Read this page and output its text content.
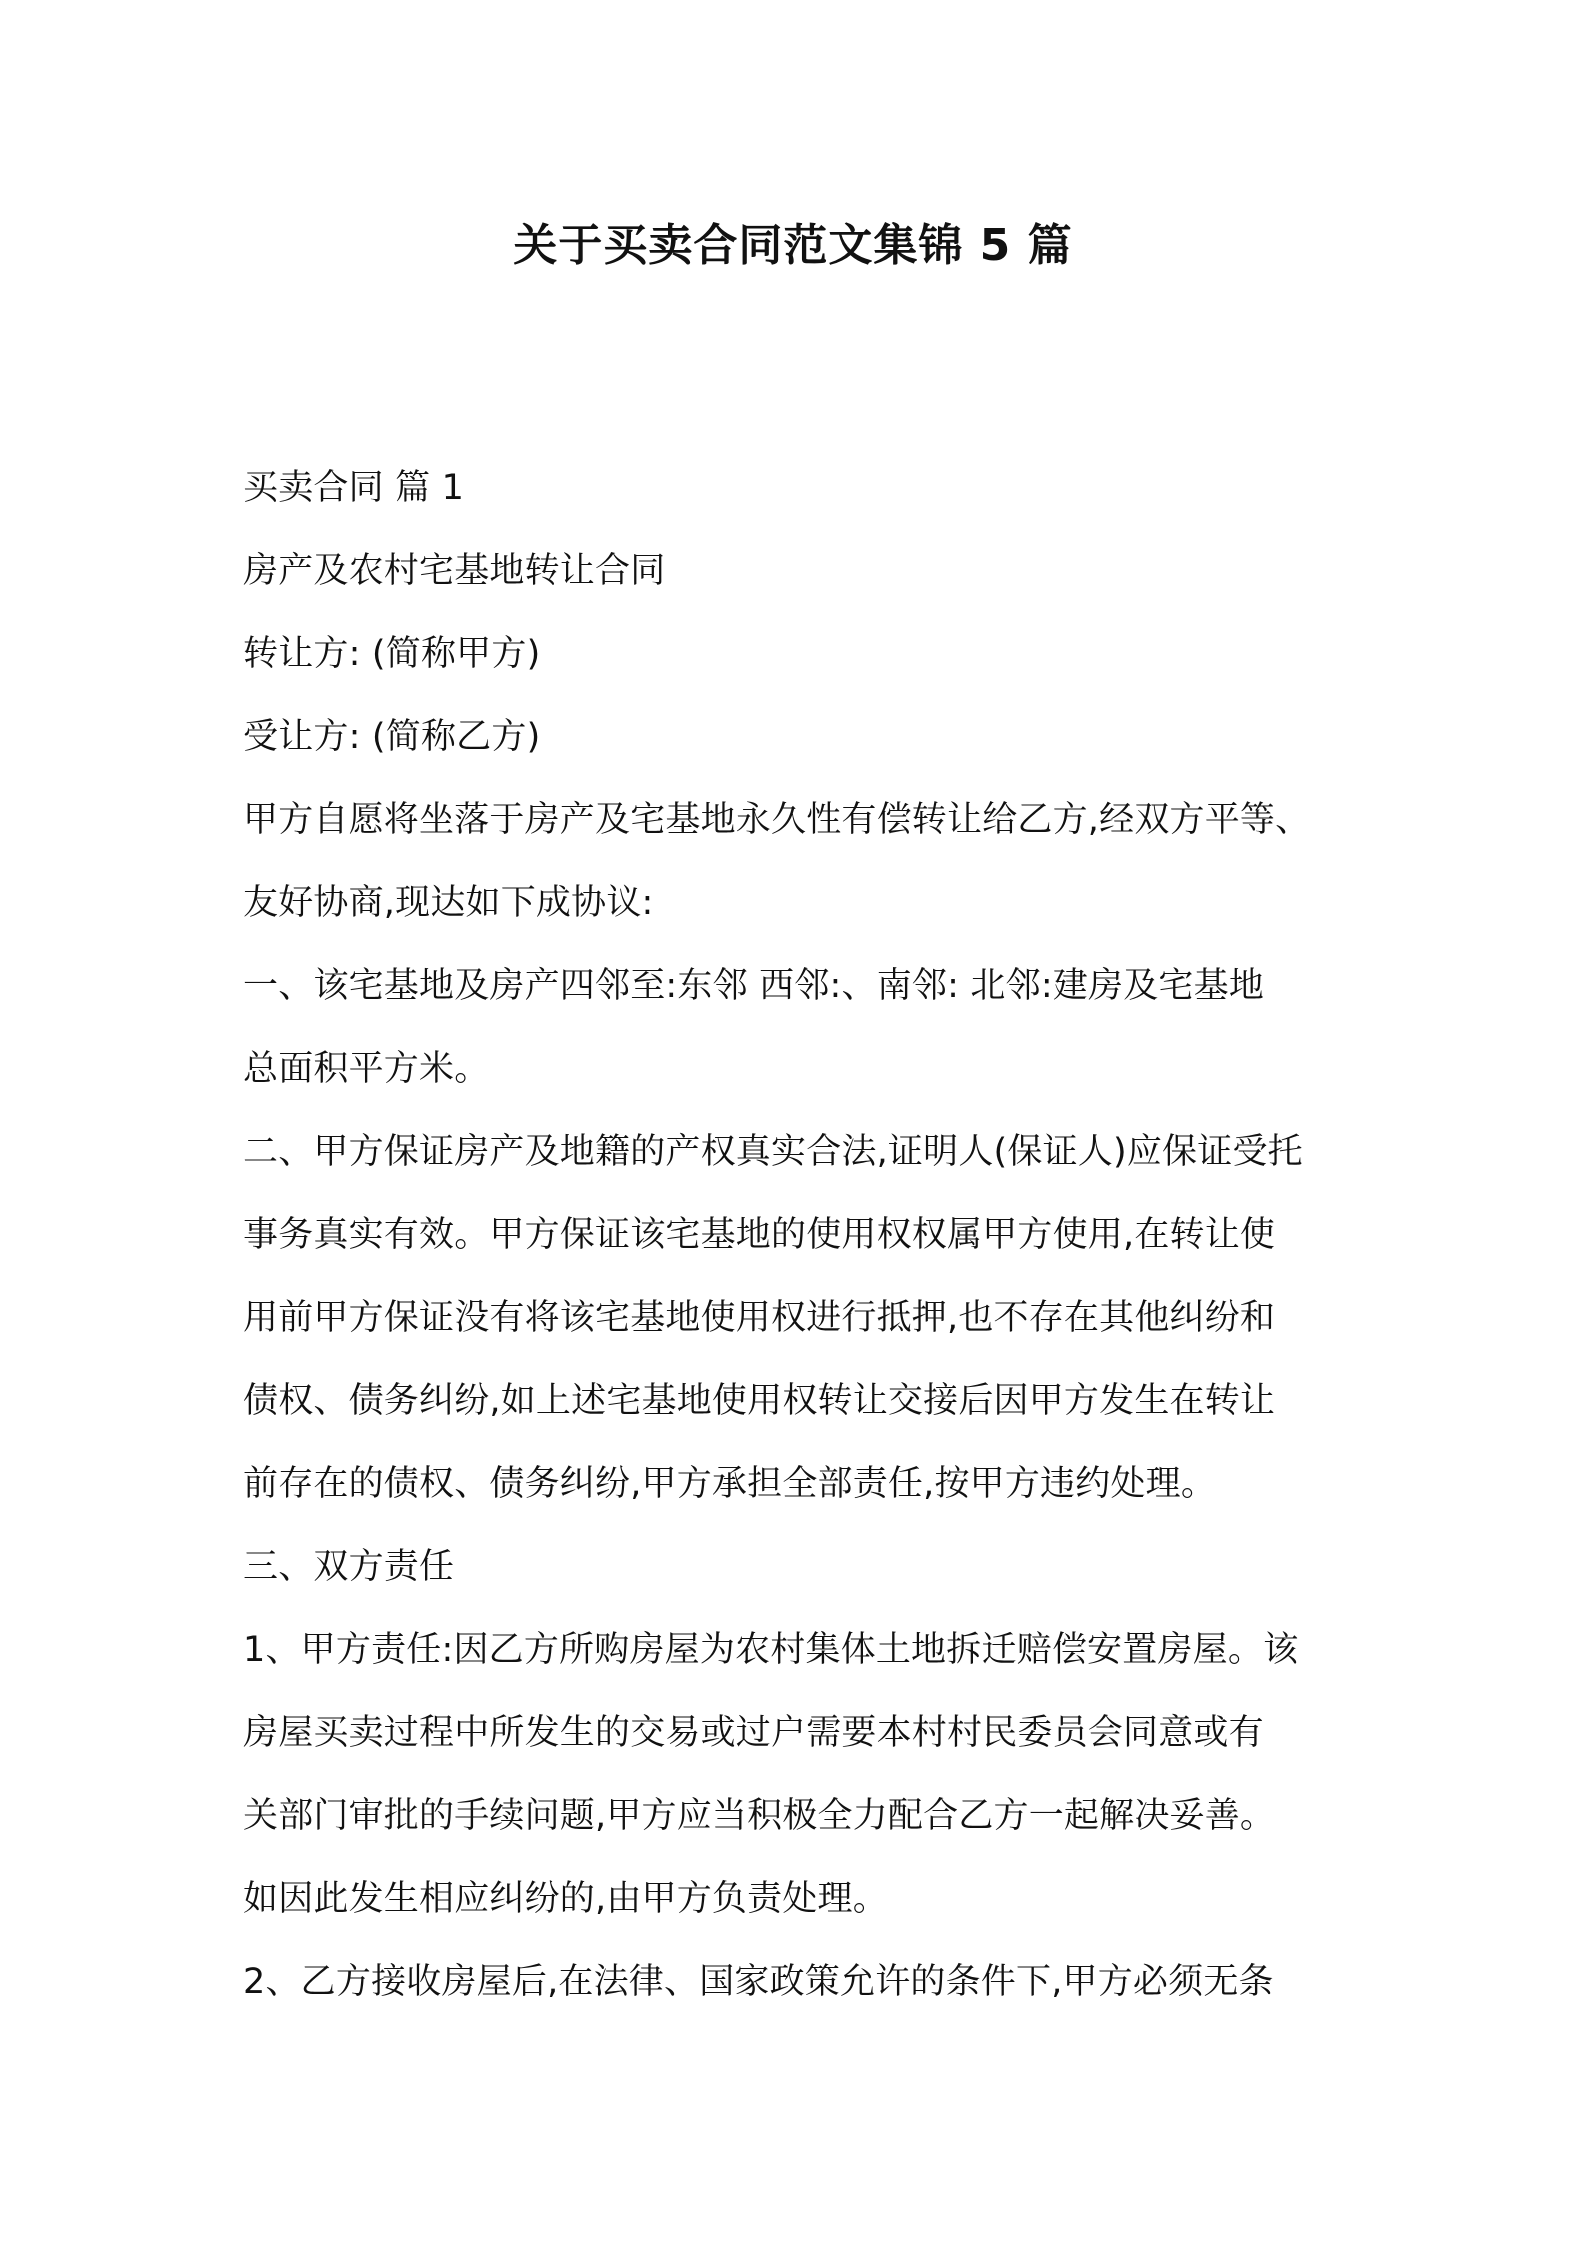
关于买卖合同范文集锦 5 篇

买卖合同 篇 1

房产及农村宅基地转让合同

转让方: (简称甲方)

受让方: (简称乙方)

甲方自愿将坐落于房产及宅基地永久性有偿转让给乙方,经双方平等、

友好协商,现达如下成协议:

一、该宅基地及房产四邻至:东邻 西邻:、南邻: 北邻:建房及宅基地

总面积平方米。

二、甲方保证房产及地籍的产权真实合法,证明人(保证人)应保证受托

事务真实有效。甲方保证该宅基地的使用权权属甲方使用,在转让使

用前甲方保证没有将该宅基地使用权进行抵押,也不存在其他纠纷和

债权、债务纠纷,如上述宅基地使用权转让交接后因甲方发生在转让

前存在的债权、债务纠纷,甲方承担全部责任,按甲方违约处理。

三、双方责任

1、甲方责任:因乙方所购房屋为农村集体土地拆迁赔偿安置房屋。该

房屋买卖过程中所发生的交易或过户需要本村村民委员会同意或有

关部门审批的手续问题,甲方应当积极全力配合乙方一起解决妥善。

如因此发生相应纠纷的,由甲方负责处理。

2、乙方接收房屋后,在法律、国家政策允许的条件下,甲方必须无条
